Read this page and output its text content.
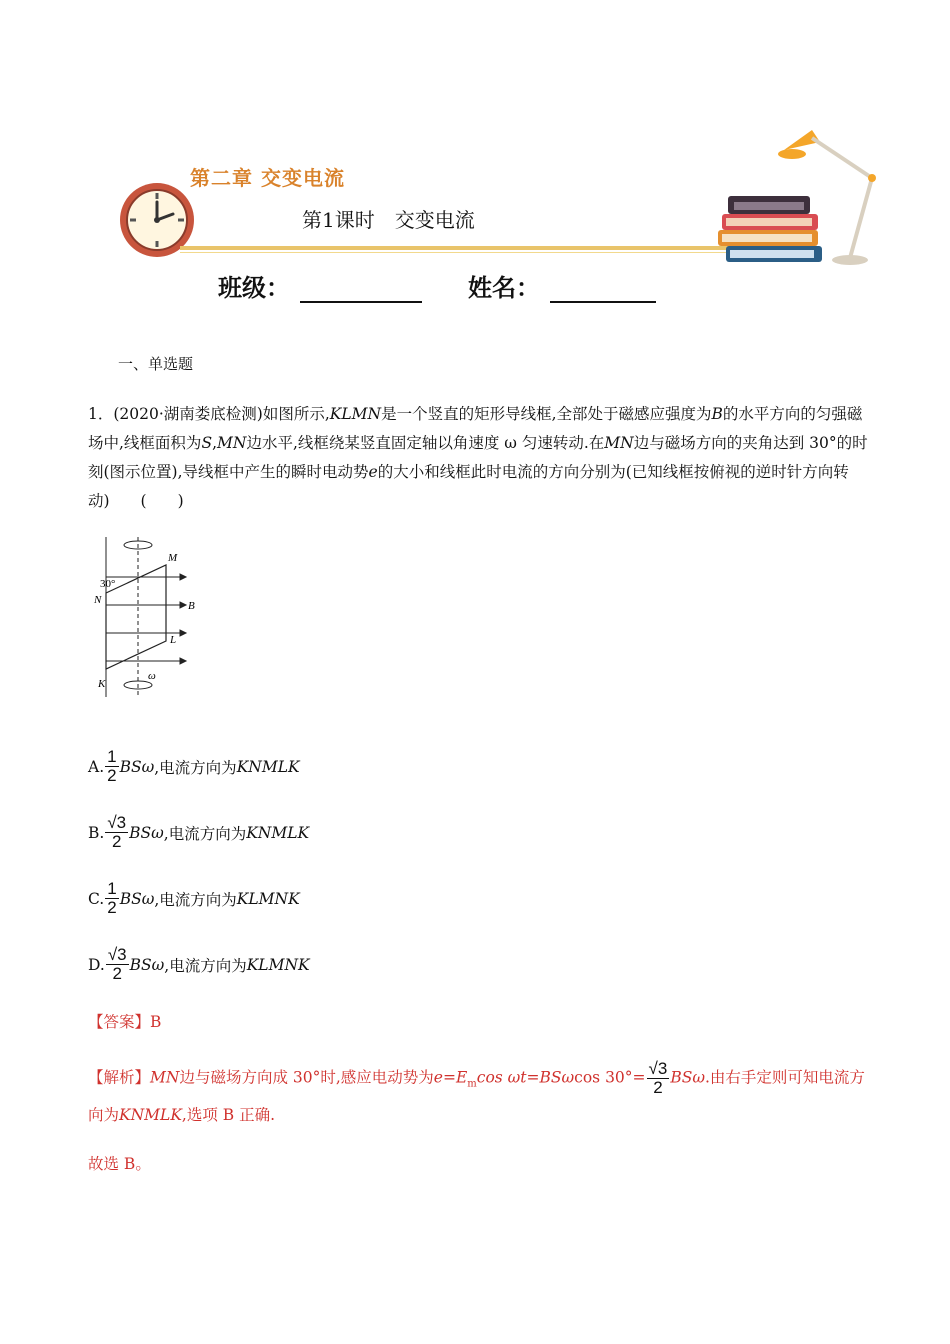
第二章 交变电流
第1课时　交变电流
班级：	姓名：
一、单选题
1．(2020·湖南娄底检测)如图所示,KLMN是一个竖直的矩形导线框,全部处于磁感应强度为B的水平方向的匀强磁场中,线框面积为S,MN边水平,线框绕某竖直固定轴以角速度 ω 匀速转动.在MN边与磁场方向的夹角达到 30°的时刻(图示位置),导线框中产生的瞬时电动势e的大小和线框此时电流的方向分别为(已知线框按俯视的逆时针方向转动)　　(　　)
M
N
L
K
B
30°
ω
A. $\frac{1}{2}$ BSω ,电流方向为 KNMLK
B. $\frac{√3}{2}$ BSω ,电流方向为 KNMLK
C. $\frac{1}{2}$ BSω ,电流方向为 KLMNK
D. $\frac{√3}{2}$ BSω ,电流方向为 KLMNK
【答案】B
【解析】MN边与磁场方向成 30°时,感应电动势为$e=E_m\cos$ ωt=BSωcos $30^\circ= \frac{√3}{2} BS\omega$.由右手定则可知电流方
向为KNMLK,选项 B 正确.
故选 B。
